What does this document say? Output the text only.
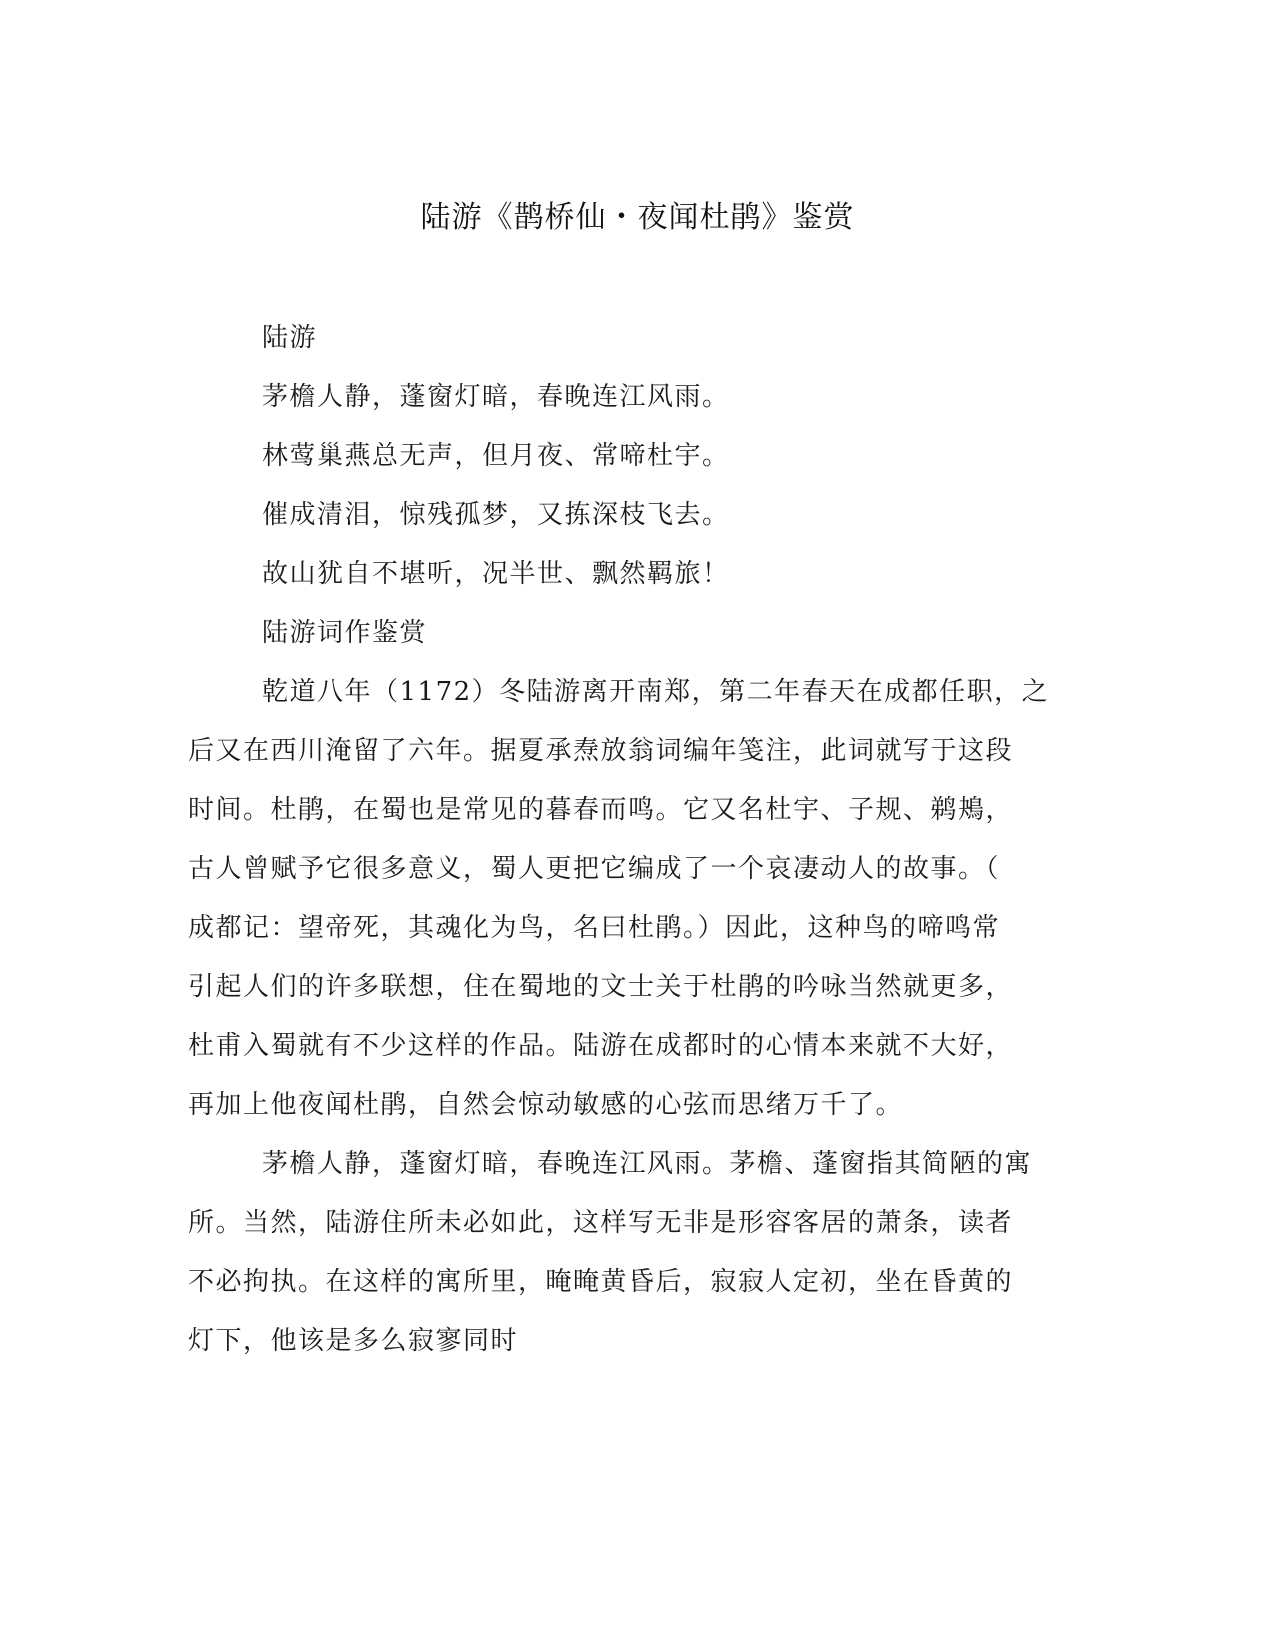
陆游《鹊桥仙・夜闻杜鹃》鉴赏
陆游
茅檐人静，蓬窗灯暗，春晚连江风雨。
林莺巢燕总无声，但月夜、常啼杜宇。
催成清泪，惊残孤梦，又拣深枝飞去。
故山犹自不堪听，况半世、飘然羁旅！
陆游词作鉴赏
乾道八年（1172）冬陆游离开南郑，第二年春天在成都任职，之
后又在西川淹留了六年。据夏承焘放翁词编年笺注，此词就写于这段
时间。杜鹃，在蜀也是常见的暮春而鸣。它又名杜宇、子规、鹈鴂，
古人曾赋予它很多意义，蜀人更把它编成了一个哀凄动人的故事。（
成都记：望帝死，其魂化为鸟，名曰杜鹃。）因此，这种鸟的啼鸣常
引起人们的许多联想，住在蜀地的文士关于杜鹃的吟咏当然就更多，
杜甫入蜀就有不少这样的作品。陆游在成都时的心情本来就不大好，
再加上他夜闻杜鹃，自然会惊动敏感的心弦而思绪万千了。
茅檐人静，蓬窗灯暗，春晚连江风雨。茅檐、蓬窗指其简陋的寓
所。当然，陆游住所未必如此，这样写无非是形容客居的萧条，读者
不必拘执。在这样的寓所里，晻晻黄昏后，寂寂人定初，坐在昏黄的
灯下，他该是多么寂寥同时
